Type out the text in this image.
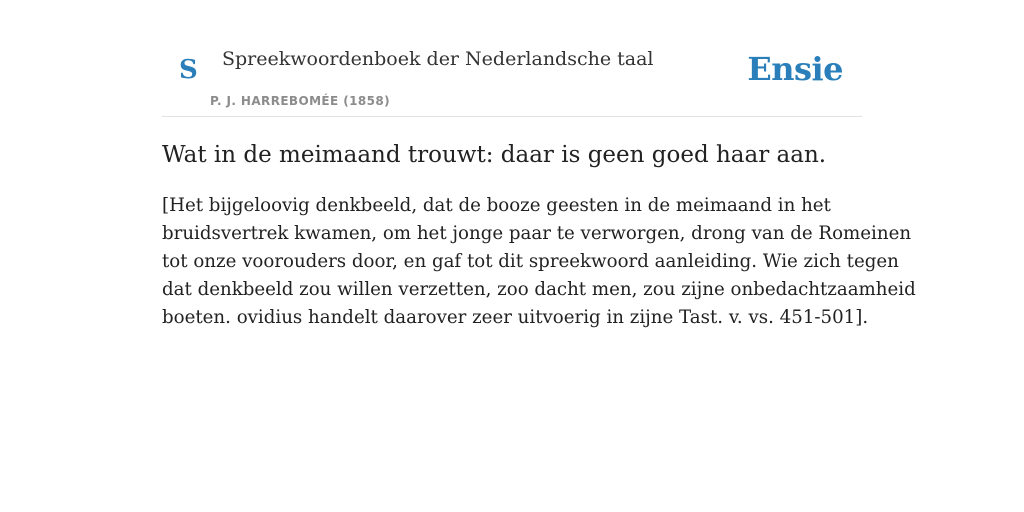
S Spreekwoordenboek der Nederlandsche taal
P. J. HARREBOMÉE (1858)
Ensie
Wat in de meimaand trouwt: daar is geen goed haar aan.

[Het bijgeloovig denkbeeld, dat de booze geesten in de meimaand in het
bruidsvertrek kwamen, om het jonge paar te verworgen, drong van de Romeinen
tot onze voorouders door, en gaf tot dit spreekwoord aanleiding. Wie zich tegen
dat denkbeeld zou willen verzetten, zoo dacht men, zou zijne onbedachtzaamheid
boeten. ovidius handelt daarover zeer uitvoerig in zijne Tast. v. vs. 451-501].
